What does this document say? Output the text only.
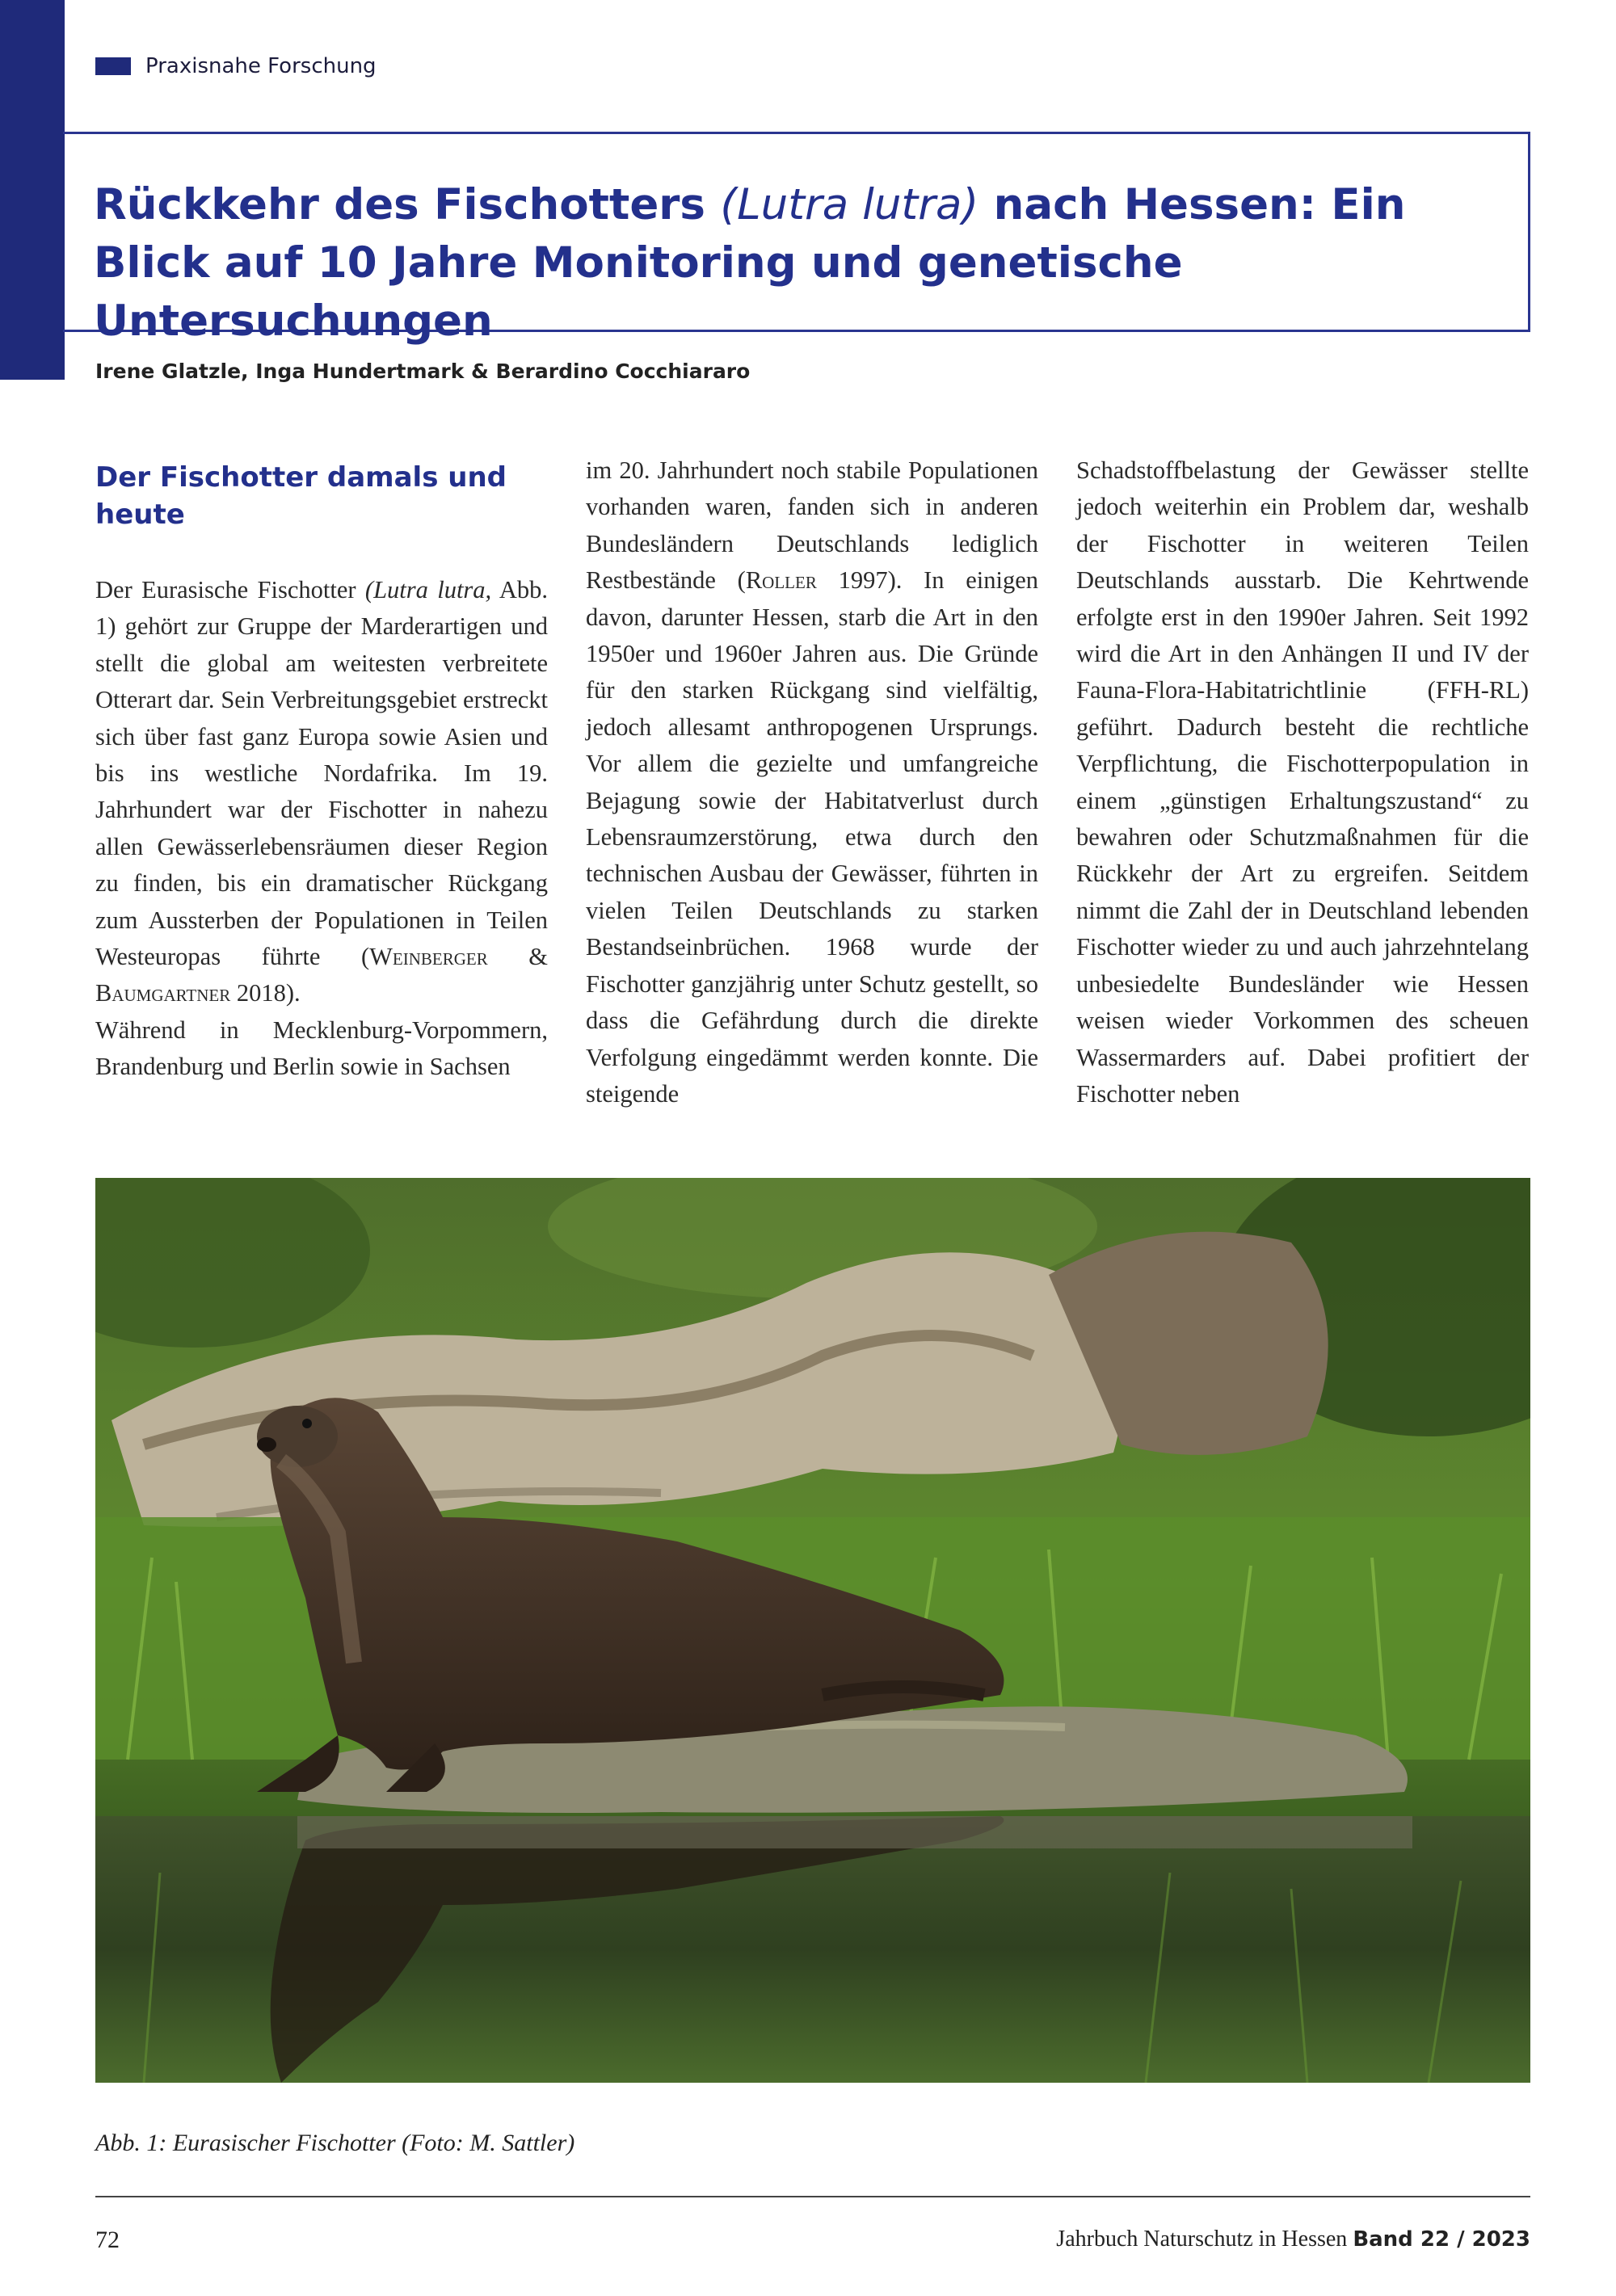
Praxisnahe Forschung
Rückkehr des Fischotters (Lutra lutra) nach Hessen: Ein Blick auf 10 Jahre Monitoring und genetische Untersuchungen
Irene Glatzle, Inga Hundertmark & Berardino Cocchiararo
Der Fischotter damals und heute

Der Eurasische Fischotter (Lutra lutra, Abb. 1) gehört zur Gruppe der Marderartigen und stellt die global am weitesten verbreitete Otterart dar. Sein Verbreitungsgebiet erstreckt sich über fast ganz Europa sowie Asien und bis ins westliche Nordafrika. Im 19. Jahrhundert war der Fischotter in nahezu allen Gewässerlebensräumen dieser Region zu finden, bis ein dramatischer Rückgang zum Aussterben der Populationen in Teilen Westeuropas führte (Weinberger & Baumgartner 2018).

Während in Mecklenburg-Vorpommern, Brandenburg und Berlin sowie in Sachsen

im 20. Jahrhundert noch stabile Populationen vorhanden waren, fanden sich in anderen Bundesländern Deutschlands lediglich Restbestände (Roller 1997). In einigen davon, darunter Hessen, starb die Art in den 1950er und 1960er Jahren aus. Die Gründe für den starken Rückgang sind vielfältig, jedoch allesamt anthropogenen Ursprungs. Vor allem die gezielte und umfangreiche Bejagung sowie der Habitatverlust durch Lebensraumzerstörung, etwa durch den technischen Ausbau der Gewässer, führten in vielen Teilen Deutschlands zu starken Bestandseinbrüchen. 1968 wurde der Fischotter ganzjährig unter Schutz gestellt, so dass die Gefährdung durch die direkte Verfolgung eingedämmt werden konnte. Die steigende

Schadstoffbelastung der Gewässer stellte jedoch weiterhin ein Problem dar, weshalb der Fischotter in weiteren Teilen Deutschlands ausstarb. Die Kehrtwende erfolgte erst in den 1990er Jahren. Seit 1992 wird die Art in den Anhängen II und IV der Fauna-Flora-Habitatrichtlinie (FFH-RL) geführt. Dadurch besteht die rechtliche Verpflichtung, die Fischotterpopulation in einem „günstigen Erhaltungszustand“ zu bewahren oder Schutzmaßnahmen für die Rückkehr der Art zu ergreifen. Seitdem nimmt die Zahl der in Deutschland lebenden Fischotter wieder zu und auch jahrzehntelang unbesiedelte Bundesländer wie Hessen weisen wieder Vorkommen des scheuen Wassermarders auf. Dabei profitiert der Fischotter neben

Abb. 1: Eurasischer Fischotter (Foto: M. Sattler)
72	Jahrbuch Naturschutz in Hessen Band 22 / 2023
